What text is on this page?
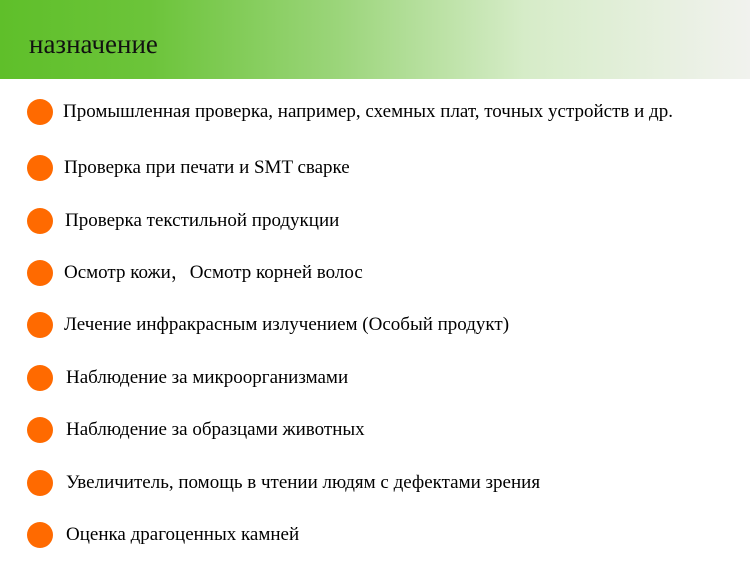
назначение
Промышленная проверка, например, схемных плат, точных устройств и др.
Проверка при печати и SMT сварке
Проверка текстильной продукции
Осмотр кожи，Осмотр корней волос
Лечение инфракрасным излучением (Особый продукт)
Наблюдение за микроорганизмами
Наблюдение за образцами животных
Увеличитель, помощь в чтении людям с дефектами зрения
Оценка драгоценных камней
